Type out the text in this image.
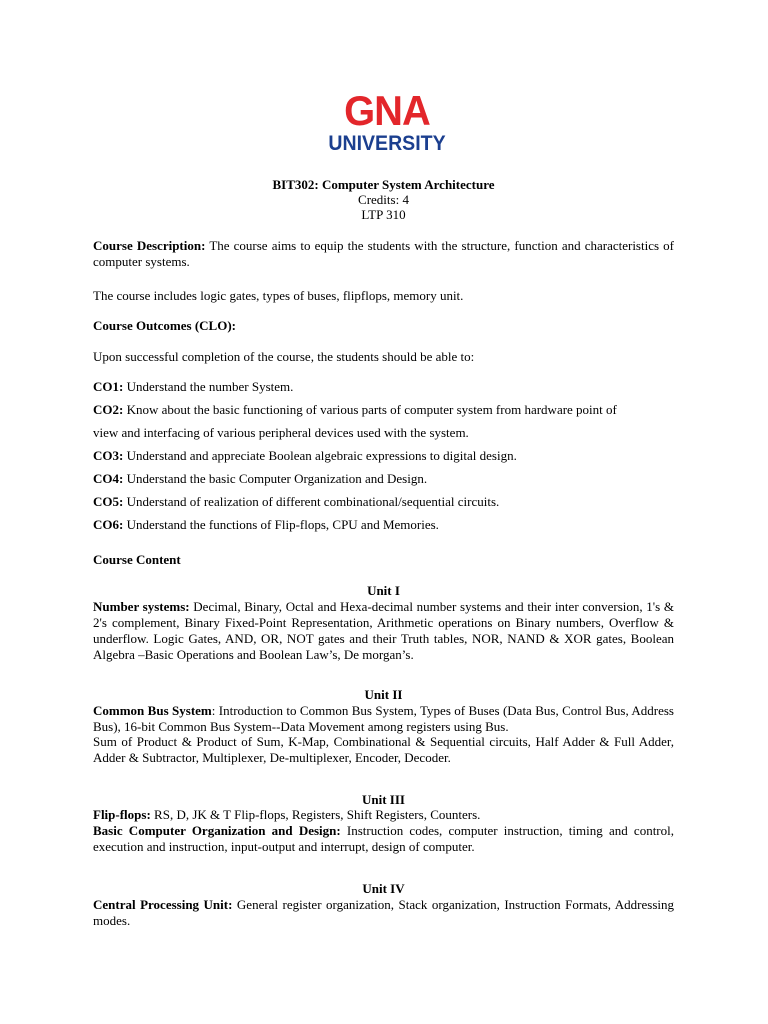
GNA
UNIVERSITY
BIT302: Computer System Architecture
Credits: 4
LTP 310
Course Description: The course aims to equip the students with the structure, function and characteristics of computer systems.
The course includes logic gates, types of buses, flipflops, memory unit.
Course Outcomes (CLO):
Upon successful completion of the course, the students should be able to:
CO1: Understand the number System.
CO2: Know about the basic functioning of various parts of computer system from hardware point of
view and interfacing of various peripheral devices used with the system.
CO3: Understand and appreciate Boolean algebraic expressions to digital design.
CO4: Understand the basic Computer Organization and Design.
CO5: Understand of realization of different combinational/sequential circuits.
CO6: Understand the functions of Flip-flops, CPU and Memories.
Course Content
Unit I
Number systems: Decimal, Binary, Octal and Hexa-decimal number systems and their inter conversion, 1's & 2's complement, Binary Fixed-Point Representation, Arithmetic operations on Binary numbers, Overflow & underflow. Logic Gates, AND, OR, NOT gates and their Truth tables, NOR, NAND & XOR gates, Boolean Algebra –Basic Operations and Boolean Law’s, De morgan’s.
Unit II
Common Bus System: Introduction to Common Bus System, Types of Buses (Data Bus, Control Bus, Address Bus), 16-bit Common Bus System--Data Movement among registers using Bus.
Sum of Product & Product of Sum, K-Map, Combinational & Sequential circuits, Half Adder & Full Adder, Adder & Subtractor, Multiplexer, De-multiplexer, Encoder, Decoder.
Unit III
Flip-flops: RS, D, JK & T Flip-flops, Registers, Shift Registers, Counters.
Basic Computer Organization and Design: Instruction codes, computer instruction, timing and control, execution and instruction, input-output and interrupt, design of computer.
Unit IV
Central Processing Unit: General register organization, Stack organization, Instruction Formats, Addressing modes.
